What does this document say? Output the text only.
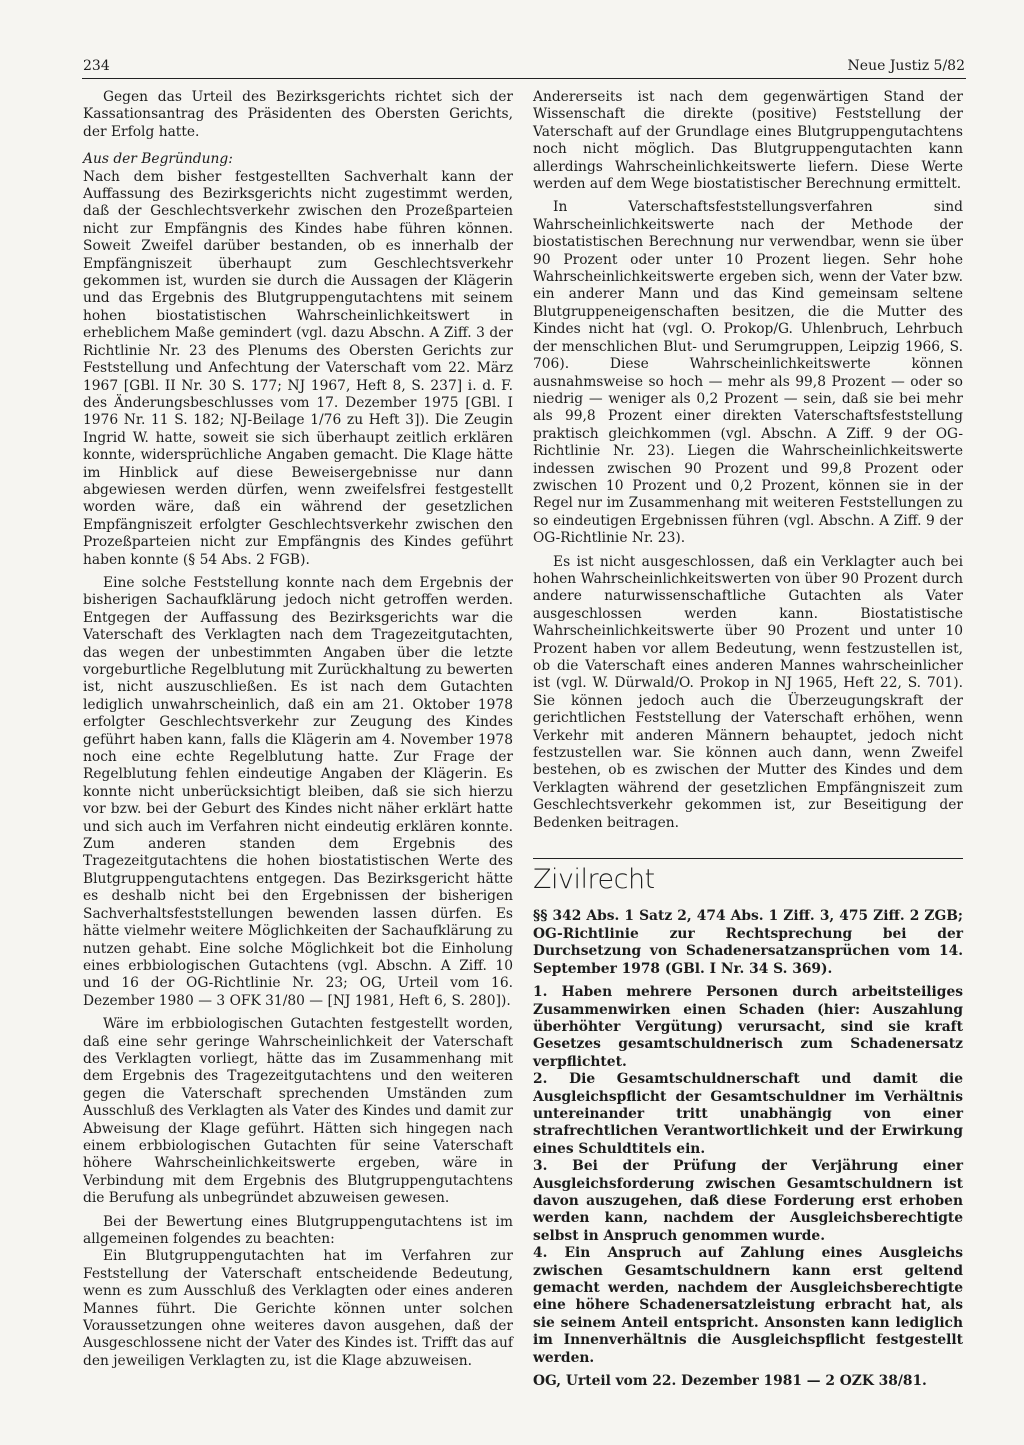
234	Neue Justiz 5/82

Gegen das Urteil des Bezirksgerichts richtet sich der Kassationsantrag des Präsidenten des Obersten Gerichts, der Erfolg hatte.

Aus der Begründung:

Nach dem bisher festgestellten Sachverhalt kann der Auffassung des Bezirksgerichts nicht zugestimmt werden, daß der Geschlechtsverkehr zwischen den Prozeßparteien nicht zur Empfängnis des Kindes habe führen können. Soweit Zweifel darüber bestanden, ob es innerhalb der Empfängniszeit überhaupt zum Geschlechtsverkehr gekommen ist, wurden sie durch die Aussagen der Klägerin und das Ergebnis des Blutgruppengutachtens mit seinem hohen biostatistischen Wahrscheinlichkeitswert in erheblichem Maße gemindert (vgl. dazu Abschn. A Ziff. 3 der Richtlinie Nr. 23 des Plenums des Obersten Gerichts zur Feststellung und Anfechtung der Vaterschaft vom 22. März 1967 [GBl. II Nr. 30 S. 177; NJ 1967, Heft 8, S. 237] i. d. F. des Änderungsbeschlusses vom 17. Dezember 1975 [GBl. I 1976 Nr. 11 S. 182; NJ-Beilage 1/76 zu Heft 3]). Die Zeugin Ingrid W. hatte, soweit sie sich überhaupt zeitlich erklären konnte, widersprüchliche Angaben gemacht. Die Klage hätte im Hinblick auf diese Beweisergebnisse nur dann abgewiesen werden dürfen, wenn zweifelsfrei festgestellt worden wäre, daß ein während der gesetzlichen Empfängniszeit erfolgter Geschlechtsverkehr zwischen den Prozeßparteien nicht zur Empfängnis des Kindes geführt haben konnte (§ 54 Abs. 2 FGB).

Eine solche Feststellung konnte nach dem Ergebnis der bisherigen Sachaufklärung jedoch nicht getroffen werden. Entgegen der Auffassung des Bezirksgerichts war die Vaterschaft des Verklagten nach dem Tragezeitgutachten, das wegen der unbestimmten Angaben über die letzte vorgeburtliche Regelblutung mit Zurückhaltung zu bewerten ist, nicht auszuschließen. Es ist nach dem Gutachten lediglich unwahrscheinlich, daß ein am 21. Oktober 1978 erfolgter Geschlechtsverkehr zur Zeugung des Kindes geführt haben kann, falls die Klägerin am 4. November 1978 noch eine echte Regelblutung hatte. Zur Frage der Regelblutung fehlen eindeutige Angaben der Klägerin. Es konnte nicht unberücksichtigt bleiben, daß sie sich hierzu vor bzw. bei der Geburt des Kindes nicht näher erklärt hatte und sich auch im Verfahren nicht eindeutig erklären konnte. Zum anderen standen dem Ergebnis des Tragezeitgutachtens die hohen biostatistischen Werte des Blutgruppengutachtens entgegen. Das Bezirksgericht hätte es deshalb nicht bei den Ergebnissen der bisherigen Sachverhaltsfeststellungen bewenden lassen dürfen. Es hätte vielmehr weitere Möglichkeiten der Sachaufklärung zu nutzen gehabt. Eine solche Möglichkeit bot die Einholung eines erbbiologischen Gutachtens (vgl. Abschn. A Ziff. 10 und 16 der OG-Richtlinie Nr. 23; OG, Urteil vom 16. Dezember 1980 — 3 OFK 31/80 — [NJ 1981, Heft 6, S. 280]).

Wäre im erbbiologischen Gutachten festgestellt worden, daß eine sehr geringe Wahrscheinlichkeit der Vaterschaft des Verklagten vorliegt, hätte das im Zusammenhang mit dem Ergebnis des Tragezeitgutachtens und den weiteren gegen die Vaterschaft sprechenden Umständen zum Ausschluß des Verklagten als Vater des Kindes und damit zur Abweisung der Klage geführt. Hätten sich hingegen nach einem erbbiologischen Gutachten für seine Vaterschaft höhere Wahrscheinlichkeitswerte ergeben, wäre in Verbindung mit dem Ergebnis des Blutgruppengutachtens die Berufung als unbegründet abzuweisen gewesen.

Bei der Bewertung eines Blutgruppengutachtens ist im allgemeinen folgendes zu beachten:

Ein Blutgruppengutachten hat im Verfahren zur Feststellung der Vaterschaft entscheidende Bedeutung, wenn es zum Ausschluß des Verklagten oder eines anderen Mannes führt. Die Gerichte können unter solchen Voraussetzungen ohne weiteres davon ausgehen, daß der Ausgeschlossene nicht der Vater des Kindes ist. Trifft das auf den jeweiligen Verklagten zu, ist die Klage abzuweisen.

Andererseits ist nach dem gegenwärtigen Stand der Wissenschaft die direkte (positive) Feststellung der Vaterschaft auf der Grundlage eines Blutgruppengutachtens noch nicht möglich. Das Blutgruppengutachten kann allerdings Wahrscheinlichkeitswerte liefern. Diese Werte werden auf dem Wege biostatistischer Berechnung ermittelt.

In Vaterschaftsfeststellungsverfahren sind Wahrscheinlichkeitswerte nach der Methode der biostatistischen Berechnung nur verwendbar, wenn sie über 90 Prozent oder unter 10 Prozent liegen. Sehr hohe Wahrscheinlichkeitswerte ergeben sich, wenn der Vater bzw. ein anderer Mann und das Kind gemeinsam seltene Blutgruppeneigenschaften besitzen, die die Mutter des Kindes nicht hat (vgl. O. Prokop/G. Uhlenbruch, Lehrbuch der menschlichen Blut- und Serumgruppen, Leipzig 1966, S. 706). Diese Wahrscheinlichkeitswerte können ausnahmsweise so hoch — mehr als 99,8 Prozent — oder so niedrig — weniger als 0,2 Prozent — sein, daß sie bei mehr als 99,8 Prozent einer direkten Vaterschaftsfeststellung praktisch gleichkommen (vgl. Abschn. A Ziff. 9 der OG-Richtlinie Nr. 23). Liegen die Wahrscheinlichkeitswerte indessen zwischen 90 Prozent und 99,8 Prozent oder zwischen 10 Prozent und 0,2 Prozent, können sie in der Regel nur im Zusammenhang mit weiteren Feststellungen zu so eindeutigen Ergebnissen führen (vgl. Abschn. A Ziff. 9 der OG-Richtlinie Nr. 23).

Es ist nicht ausgeschlossen, daß ein Verklagter auch bei hohen Wahrscheinlichkeitswerten von über 90 Prozent durch andere naturwissenschaftliche Gutachten als Vater ausgeschlossen werden kann. Biostatistische Wahrscheinlichkeitswerte über 90 Prozent und unter 10 Prozent haben vor allem Bedeutung, wenn festzustellen ist, ob die Vaterschaft eines anderen Mannes wahrscheinlicher ist (vgl. W. Dürwald/O. Prokop in NJ 1965, Heft 22, S. 701). Sie können jedoch auch die Überzeugungskraft der gerichtlichen Feststellung der Vaterschaft erhöhen, wenn Verkehr mit anderen Männern behauptet, jedoch nicht festzustellen war. Sie können auch dann, wenn Zweifel bestehen, ob es zwischen der Mutter des Kindes und dem Verklagten während der gesetzlichen Empfängniszeit zum Geschlechtsverkehr gekommen ist, zur Beseitigung der Bedenken beitragen.

Zivilrecht

§§ 342 Abs. 1 Satz 2, 474 Abs. 1 Ziff. 3, 475 Ziff. 2 ZGB; OG-Richtlinie zur Rechtsprechung bei der Durchsetzung von Schadenersatzansprüchen vom 14. September 1978 (GBl. I Nr. 34 S. 369).

1. Haben mehrere Personen durch arbeitsteiliges Zusammenwirken einen Schaden (hier: Auszahlung überhöhter Vergütung) verursacht, sind sie kraft Gesetzes gesamtschuldnerisch zum Schadenersatz verpflichtet.

2. Die Gesamtschuldnerschaft und damit die Ausgleichspflicht der Gesamtschuldner im Verhältnis untereinander tritt unabhängig von einer strafrechtlichen Verantwortlichkeit und der Erwirkung eines Schuldtitels ein.

3. Bei der Prüfung der Verjährung einer Ausgleichsforderung zwischen Gesamtschuldnern ist davon auszugehen, daß diese Forderung erst erhoben werden kann, nachdem der Ausgleichsberechtigte selbst in Anspruch genommen wurde.

4. Ein Anspruch auf Zahlung eines Ausgleichs zwischen Gesamtschuldnern kann erst geltend gemacht werden, nachdem der Ausgleichsberechtigte eine höhere Schadenersatzleistung erbracht hat, als sie seinem Anteil entspricht. Ansonsten kann lediglich im Innenverhältnis die Ausgleichspflicht festgestellt werden.

OG, Urteil vom 22. Dezember 1981 — 2 OZK 38/81.
